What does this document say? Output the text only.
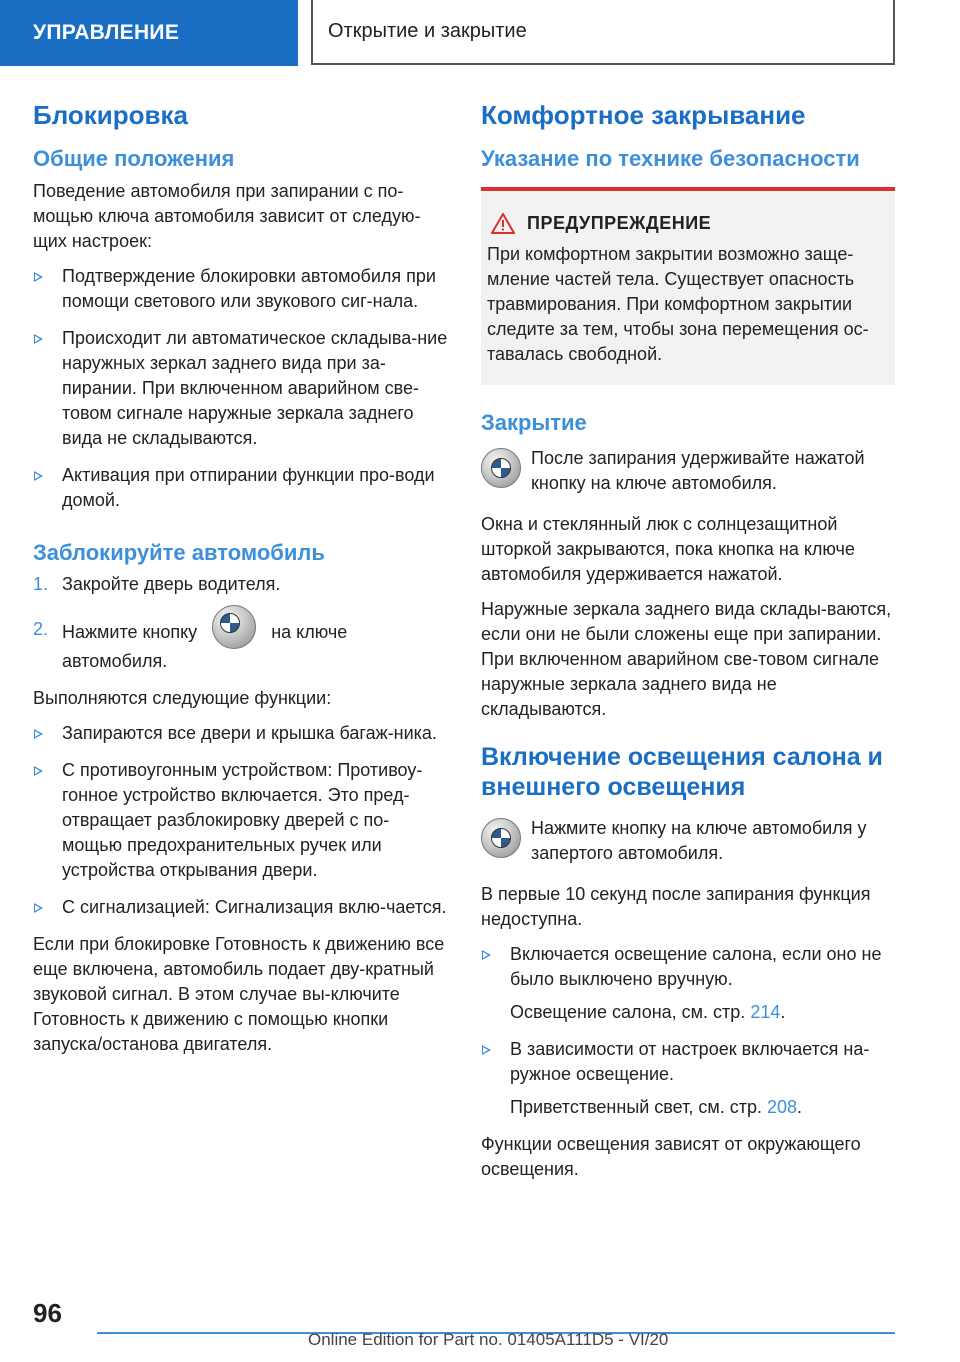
УПРАВЛЕНИЕ	Открытие и закрытие
Блокировка
Общие положения

Поведение автомобиля при запирании с по-мощью ключа автомобиля зависит от следую-щих настроек:

Подтверждение блокировки автомобиля при помощи светового или звукового сиг-нала.
Происходит ли автоматическое складыва-ние наружных зеркал заднего вида при за-пирании. При включенном аварийном све-товом сигнале наружные зеркала заднего вида не складываются.
Активация при отпирании функции про-води домой.
Заблокируйте автомобиль
1. Закройте дверь водителя.
2. Нажмите кнопку	на ключе
автомобиля.

Выполняются следующие функции:

Запираются все двери и крышка багаж-ника.
С противоугонным устройством: Противоу-гонное устройство включается. Это пред-отвращает разблокировку дверей с по-мощью предохранительных ручек или устройства открывания двери.
С сигнализацией: Сигнализация вклю-чается.

Если при блокировке Готовность к движению все еще включена, автомобиль подает дву-кратный звуковой сигнал. В этом случае вы-ключите Готовность к движению с помощью кнопки запуска/останова двигателя.

Комфортное закрывание
Указание по технике безопасности
ПРЕДУПРЕЖДЕНИЕ

При комфортном закрытии возможно заще-мление частей тела. Существует опасность травмирования. При комфортном закрытии следите за тем, чтобы зона перемещения ос-тавалась свободной.

Закрытие

После запирания удерживайте нажатой кнопку на ключе автомобиля.

Окна и стеклянный люк с солнцезащитной шторкой закрываются, пока кнопка на ключе автомобиля удерживается нажатой.

Наружные зеркала заднего вида склады-ваются, если они не были сложены еще при запирании. При включенном аварийном све-товом сигнале наружные зеркала заднего вида не складываются.

Включение освещения салона и внешнего освещения

Нажмите кнопку на ключе автомобиля у запертого автомобиля.

В первые 10 секунд после запирания функция недоступна.

Включается освещение салона, если оно не было выключено вручную.

Освещение салона, см. стр. 214.

В зависимости от настроек включается на-ружное освещение.

Приветственный свет, см. стр. 208.

Функции освещения зависят от окружающего освещения.

96
Online Edition for Part no. 01405A111D5 - VI/20
